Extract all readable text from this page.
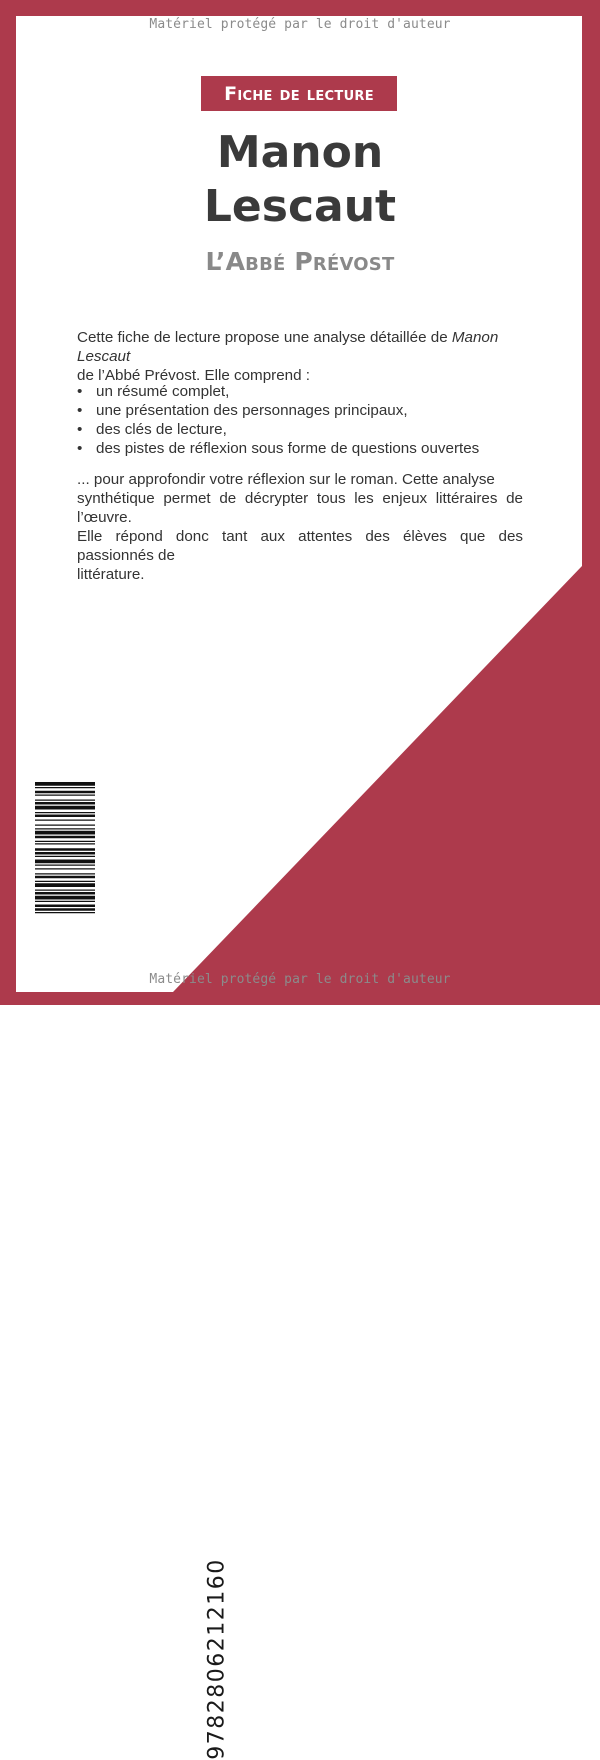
Matériel protégé par le droit d'auteur
Fiche de lecture
Manon
Lescaut
L’Abbé Prévost
Cette fiche de lecture propose une analyse détaillée de Manon Lescaut
de l’Abbé Prévost. Elle comprend :
• un résumé complet,
• une présentation des personnages principaux,
• des clés de lecture,
• des pistes de réflexion sous forme de questions ouvertes
... pour approfondir votre réflexion sur le roman. Cette analyse
synthétique permet de décrypter tous les enjeux littéraires de l’œuvre.
Elle répond donc tant aux attentes des élèves que des passionnés de
littérature.
9782806212160
Matériel protégé par le droit d'auteur
